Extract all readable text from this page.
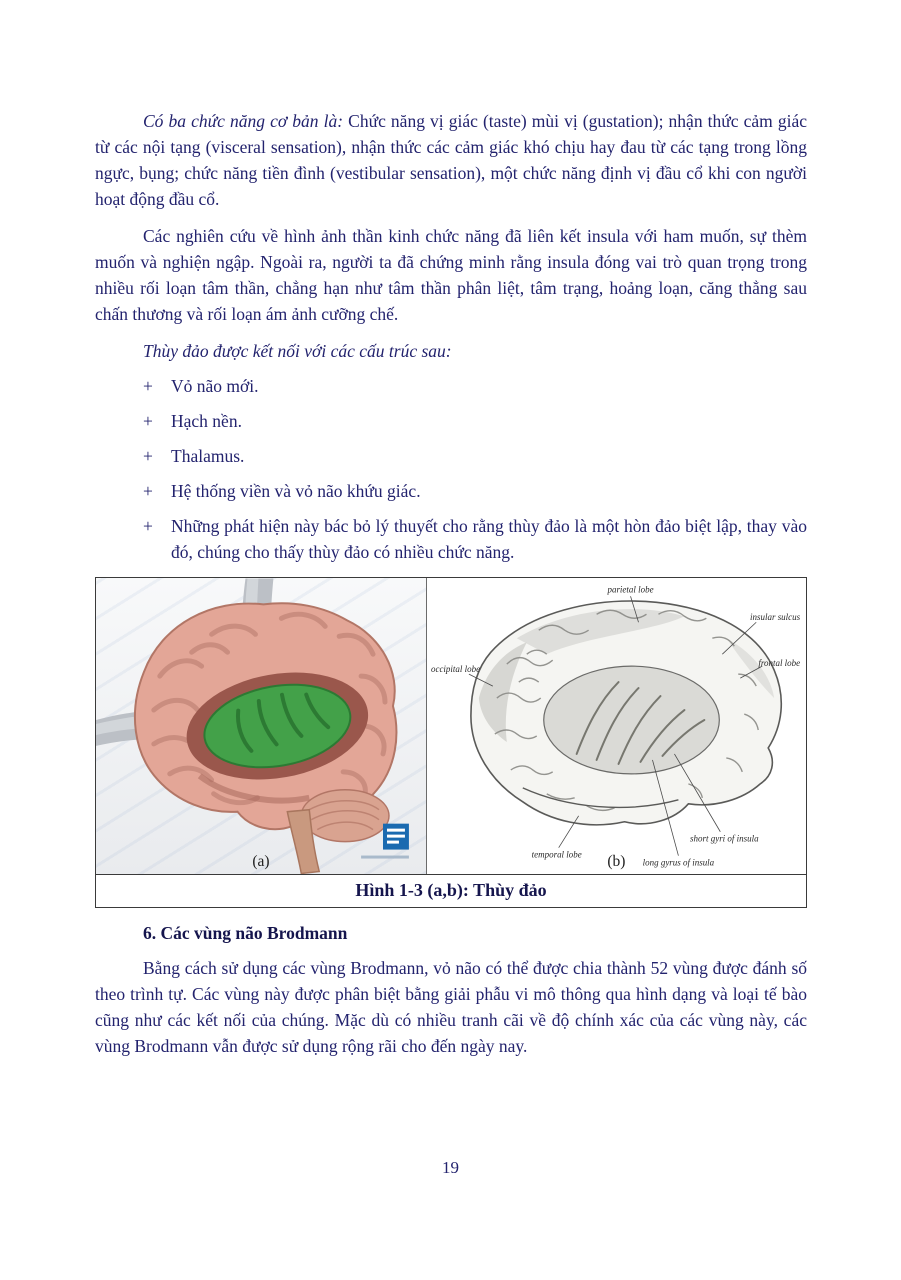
Có ba chức năng cơ bản là: Chức năng vị giác (taste) mùi vị (gustation); nhận thức cảm giác từ các nội tạng (visceral sensation), nhận thức các cảm giác khó chịu hay đau từ các tạng trong lồng ngực, bụng; chức năng tiền đình (vestibular sensation), một chức năng định vị đầu cổ khi con người hoạt động đầu cổ.

Các nghiên cứu về hình ảnh thần kinh chức năng đã liên kết insula với ham muốn, sự thèm muốn và nghiện ngập. Ngoài ra, người ta đã chứng minh rằng insula đóng vai trò quan trọng trong nhiều rối loạn tâm thần, chẳng hạn như tâm thần phân liệt, tâm trạng, hoảng loạn, căng thẳng sau chấn thương và rối loạn ám ảnh cưỡng chế.

Thùy đảo được kết nối với các cấu trúc sau:

+ Vỏ não mới.
+ Hạch nền.
+ Thalamus.
+ Hệ thống viền và vỏ não khứu giác.
+ Những phát hiện này bác bỏ lý thuyết cho rằng thùy đảo là một hòn đảo biệt lập, thay vào đó, chúng cho thấy thùy đảo có nhiều chức năng.
(a)
parietal lobe
insular sulcus
frontal lobe
occipital lobe
temporal lobe
short gyri of insula
long gyrus of insula
(b)
Hình 1-3 (a,b): Thùy đảo
6. Các vùng não Brodmann

Bằng cách sử dụng các vùng Brodmann, vỏ não có thể được chia thành 52 vùng được đánh số theo trình tự. Các vùng này được phân biệt bằng giải phẫu vi mô thông qua hình dạng và loại tế bào cũng như các kết nối của chúng. Mặc dù có nhiều tranh cãi về độ chính xác của các vùng này, các vùng Brodmann vẫn được sử dụng rộng rãi cho đến ngày nay.

19
